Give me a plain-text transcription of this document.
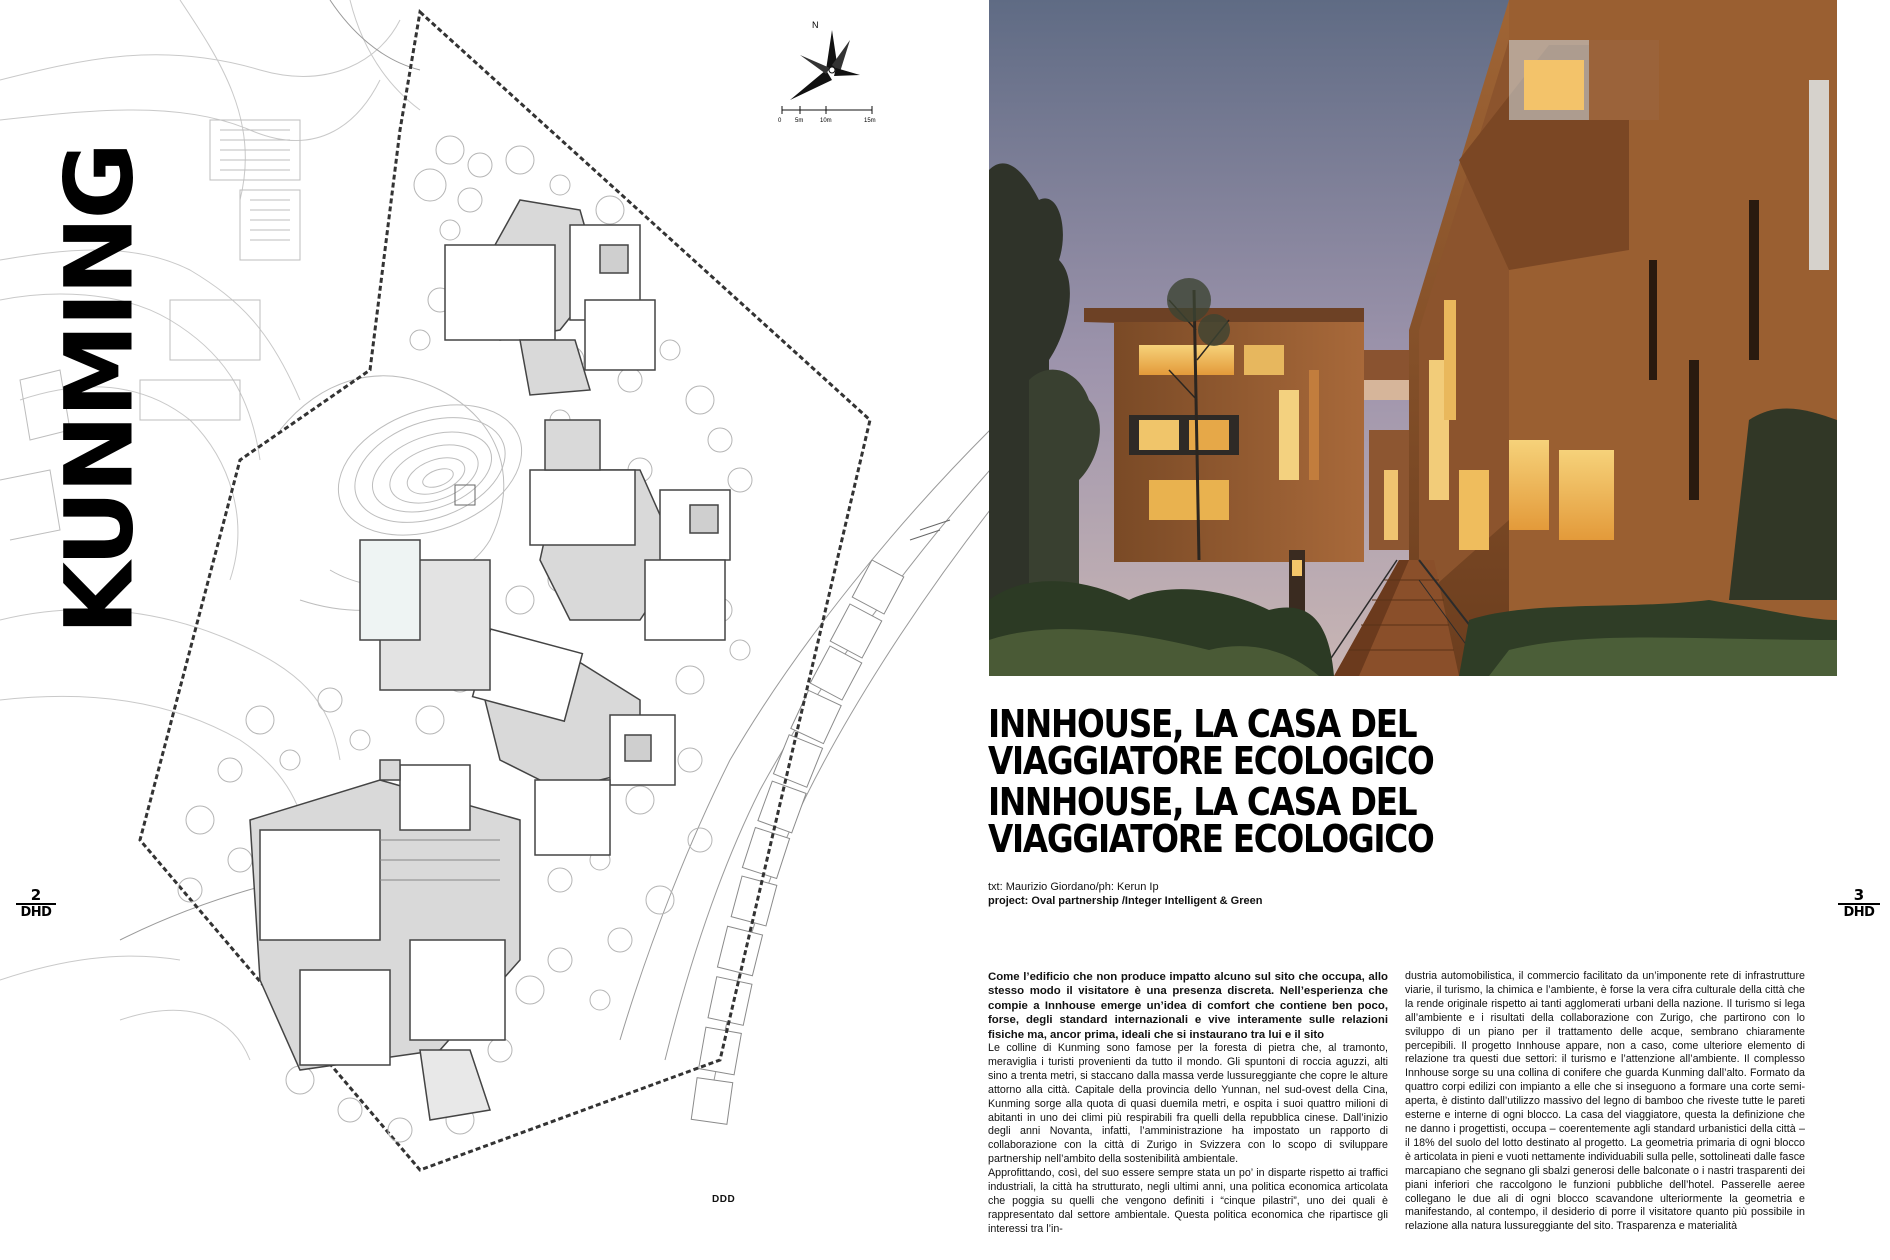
N
0 5m	10m	15m
KUNMING
2
DHD
DDD
INNHOUSE, LA CASA DEL
VIAGGIATORE ECOLOGICO
INNHOUSE, LA CASA DEL
VIAGGIATORE ECOLOGICO
txt: Maurizio Giordano/ph: Kerun Ip
project: Oval partnership /Integer Intelligent & Green

Come l’edificio che non produce impatto alcuno sul sito che occupa, allo stesso modo il visitatore è una presenza discreta. Nell’esperienza che compie a Innhouse emerge un’idea di comfort che contiene ben poco, forse, degli standard internazionali e vive interamente sulle relazioni fisiche ma, ancor prima, ideali che si instaurano tra lui e il sito

Le colline di Kunming sono famose per la foresta di pietra che, al tramonto, meraviglia i turisti provenienti da tutto il mondo. Gli spuntoni di roccia aguzzi, alti sino a trenta metri, si staccano dalla massa verde lussureggiante che copre le alture attorno alla città. Capitale della provincia dello Yunnan, nel sud-ovest della Cina, Kunming sorge alla quota di quasi duemila metri, e ospita i suoi quattro milioni di abitanti in uno dei climi più respirabili fra quelli della repubblica cinese. Dall’inizio degli anni Novanta, infatti, l’amministrazione ha impostato un rapporto di collaborazione con la città di Zurigo in Svizzera con lo scopo di sviluppare partnership nell’ambito della sostenibilità ambientale.

Approfittando, così, del suo essere sempre stata un po’ in disparte rispetto ai traffici industriali, la città ha strutturato, negli ultimi anni, una politica economica articolata che poggia su quelli che vengono definiti i “cinque pilastri”, uno dei quali è rappresentato dal settore ambientale. Questa politica economica che ripartisce gli interessi tra l’in-

dustria automobilistica, il commercio facilitato da un’imponente rete di infrastrutture viarie, il turismo, la chimica e l’ambiente, è forse la vera cifra culturale della città che la rende originale rispetto ai tanti agglomerati urbani della nazione. Il turismo si lega all’ambiente e i risultati della collaborazione con Zurigo, che partirono con lo sviluppo di un piano per il trattamento delle acque, sembrano chiaramente percepibili. Il progetto Innhouse appare, non a caso, come ulteriore elemento di relazione tra questi due settori: il turismo e l’attenzione all’ambiente. Il complesso Innhouse sorge su una collina di conifere che guarda Kunming dall’alto. Formato da quattro corpi edilizi con impianto a elle che si inseguono a formare una corte semi-aperta, è distinto dall’utilizzo massivo del legno di bamboo che riveste tutte le pareti esterne e interne di ogni blocco. La casa del viaggiatore, questa la definizione che ne danno i progettisti, occupa – coerentemente agli standard urbanistici della città – il 18% del suolo del lotto destinato al progetto. La geometria primaria di ogni blocco è articolata in pieni e vuoti nettamente individuabili sulla pelle, sottolineati dalle fasce marcapiano che segnano gli sbalzi generosi delle balconate o i nastri trasparenti dei piani inferiori che raccolgono le funzioni pubbliche dell’hotel. Passerelle aeree collegano le due ali di ogni blocco scavandone ulteriormente la geometria e manifestando, al contempo, il desiderio di porre il visitatore quanto più possibile in relazione alla natura lussureggiante del sito. Trasparenza e materialità

3
DHD
